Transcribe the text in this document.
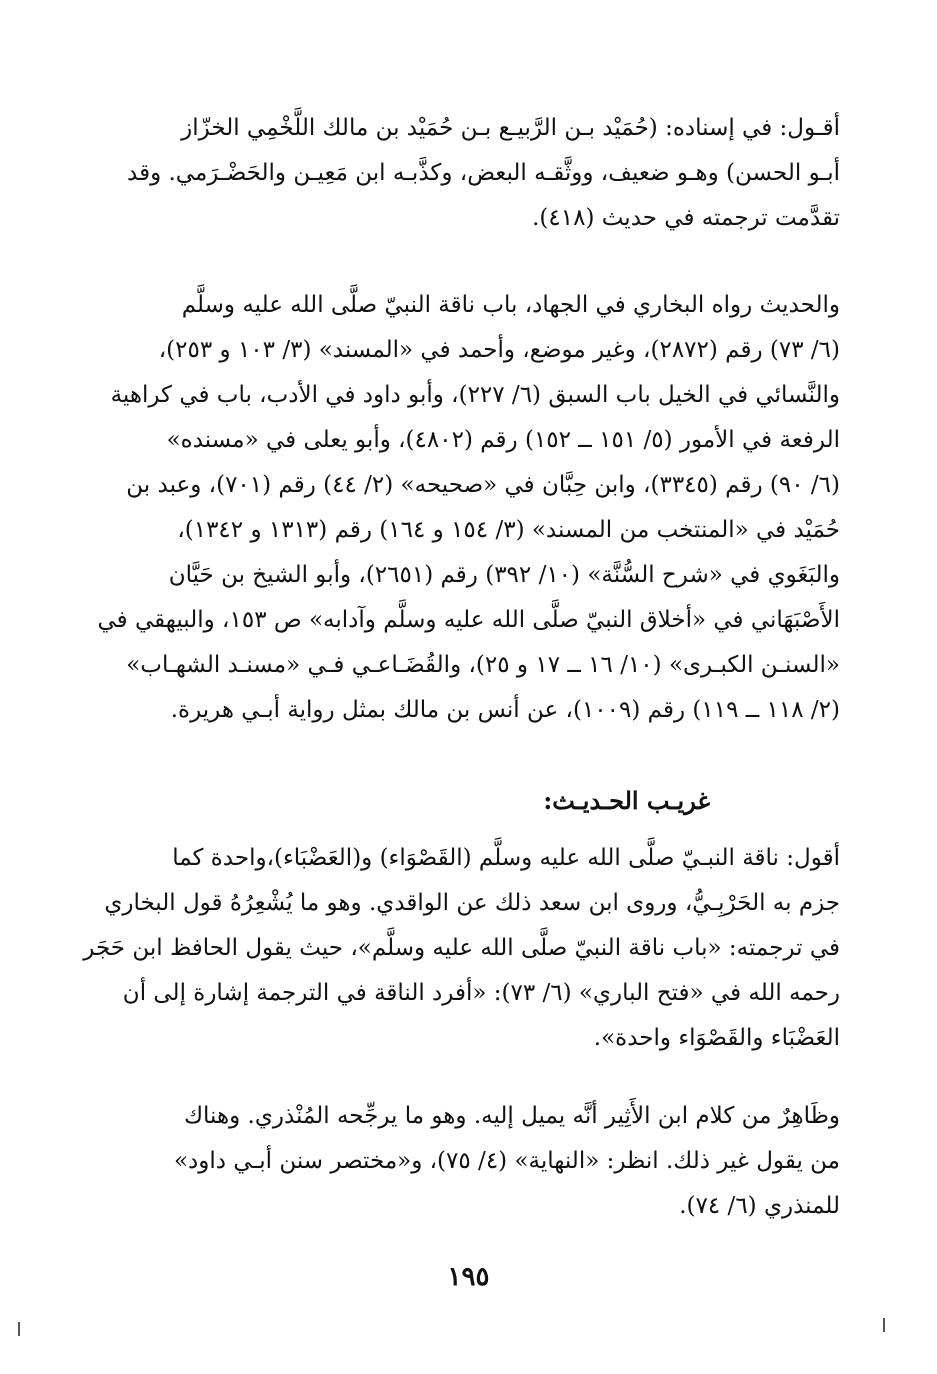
أقـول: في إسناده: (حُمَيْد بـن الرَّبيـع بـن حُمَيْد بن مالك اللَّخْمِي الخزّاز
أبـو الحسن) وهـو ضعيف، ووثَّقـه البعض، وكذَّبـه ابن مَعِيـن والحَضْـرَمي. وقد
تقدَّمت ترجمته في حديث (٤١٨).
والحديث رواه البخاري في الجهاد، باب ناقة النبيّ صلَّى الله عليه وسلَّم
(٦/ ٧٣) رقم (٢٨٧٢)، وغير موضع، وأحمد في «المسند» (٣/ ١٠٣ و ٢٥٣)،
والنَّسائي في الخيل باب السبق (٦/ ٢٢٧)، وأبو داود في الأدب، باب في كراهية
الرفعة في الأمور (٥/ ١٥١ ــ ١٥٢) رقم (٤٨٠٢)، وأبو يعلى في «مسنده»
(٦/ ٩٠) رقم (٣٣٤٥)، وابن حِبَّان في «صحيحه» (٢/ ٤٤) رقم (٧٠١)، وعبد بن
حُمَيْد في «المنتخب من المسند» (٣/ ١٥٤ و ١٦٤) رقم (١٣١٣ و ١٣٤٢)،
والبَغَوي في «شرح السُّنَّة» (١٠/ ٣٩٢) رقم (٢٦٥١)، وأبو الشيخ بن حَيَّان
الأَصْبَهَاني في «أخلاق النبيّ صلَّى الله عليه وسلَّم وآدابه» ص ١٥٣، والبيهقي في
«السنـن الكبـرى» (١٠/ ١٦ ــ ١٧ و ٢٥)، والقُضَـاعـي فـي «مسنـد الشهـاب»
(٢/ ١١٨ ــ ١١٩) رقم (١٠٠٩)، عن أنس بن مالك بمثل رواية أبـي هريرة.
غريـب الحـديـث:
أقول: ناقة النبـيّ صلَّى الله عليه وسلَّم (القَصْوَاء) و(العَضْبَاء)،واحدة كما
جزم به الحَرْبِـيُّ، وروى ابن سعد ذلك عن الواقدي. وهو ما يُشْعِرُهُ قول البخاري
في ترجمته: «باب ناقة النبيّ صلَّى الله عليه وسلَّم»، حيث يقول الحافظ ابن حَجَر
رحمه الله في «فتح الباري» (٦/ ٧٣): «أفرد الناقة في الترجمة إشارة إلى أن
العَضْبَاء والقَصْوَاء واحدة».
وظَاهِرٌ من كلام ابن الأَثِير أنَّه يميل إليه. وهو ما يرجِّحه المُنْذري. وهناك
من يقول غير ذلك. انظر: «النهاية» (٤/ ٧٥)، و«مختصر سنن أبـي داود»
للمنذري (٦/ ٧٤).
١٩٥
